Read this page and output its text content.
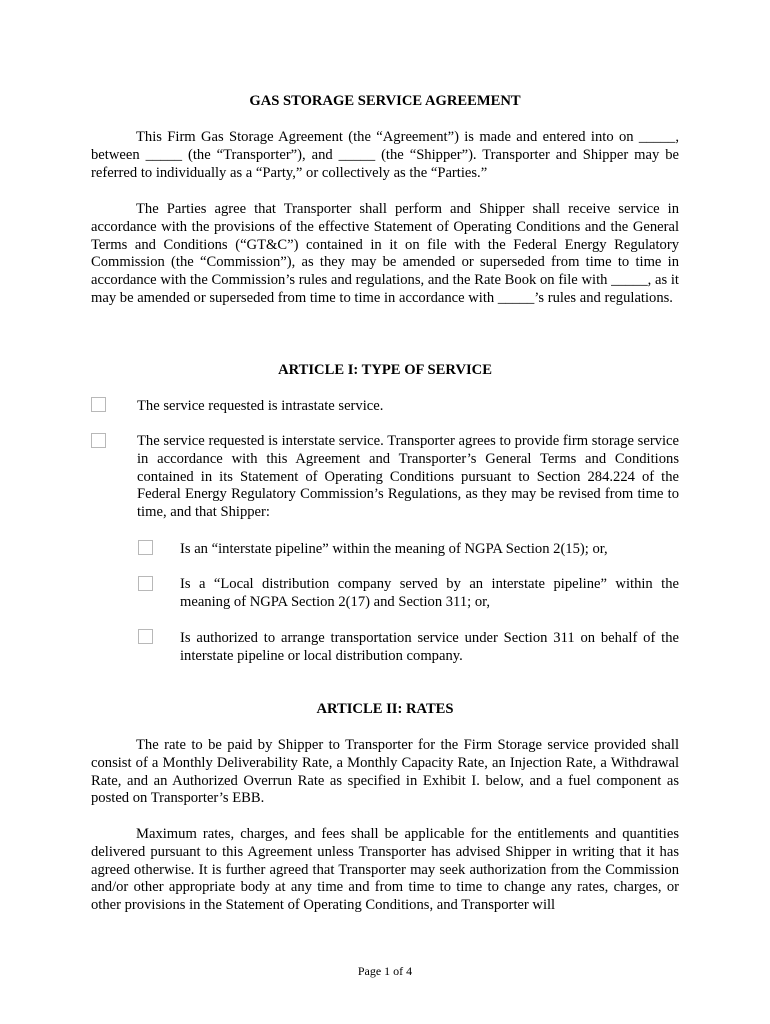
GAS STORAGE SERVICE AGREEMENT

This Firm Gas Storage Agreement (the “Agreement”) is made and entered into on _____, between _____ (the “Transporter”), and _____ (the “Shipper”). Transporter and Shipper may be referred to individually as a “Party,” or collectively as the “Parties.”

The Parties agree that Transporter shall perform and Shipper shall receive service in accordance with the provisions of the effective Statement of Operating Conditions and the General Terms and Conditions (“GT&C”) contained in it on file with the Federal Energy Regulatory Commission (the “Commission”), as they may be amended or superseded from time to time in accordance with the Commission’s rules and regulations, and the Rate Book on file with _____, as it may be amended or superseded from time to time in accordance with _____’s rules and regulations.

ARTICLE I: TYPE OF SERVICE

The service requested is intrastate service.

The service requested is interstate service. Transporter agrees to provide firm storage service in accordance with this Agreement and Transporter’s General Terms and Conditions contained in its Statement of Operating Conditions pursuant to Section 284.224 of the Federal Energy Regulatory Commission’s Regulations, as they may be revised from time to time, and that Shipper:

Is an “interstate pipeline” within the meaning of NGPA Section 2(15); or,

Is a “Local distribution company served by an interstate pipeline” within the meaning of NGPA Section 2(17) and Section 311; or,

Is authorized to arrange transportation service under Section 311 on behalf of the interstate pipeline or local distribution company.

ARTICLE II: RATES

The rate to be paid by Shipper to Transporter for the Firm Storage service provided shall consist of a Monthly Deliverability Rate, a Monthly Capacity Rate, an Injection Rate, a Withdrawal Rate, and an Authorized Overrun Rate as specified in Exhibit I. below, and a fuel component as posted on Transporter’s EBB.

Maximum rates, charges, and fees shall be applicable for the entitlements and quantities delivered pursuant to this Agreement unless Transporter has advised Shipper in writing that it has agreed otherwise. It is further agreed that Transporter may seek authorization from the Commission and/or other appropriate body at any time and from time to time to change any rates, charges, or other provisions in the Statement of Operating Conditions, and Transporter will

Page 1 of 4
